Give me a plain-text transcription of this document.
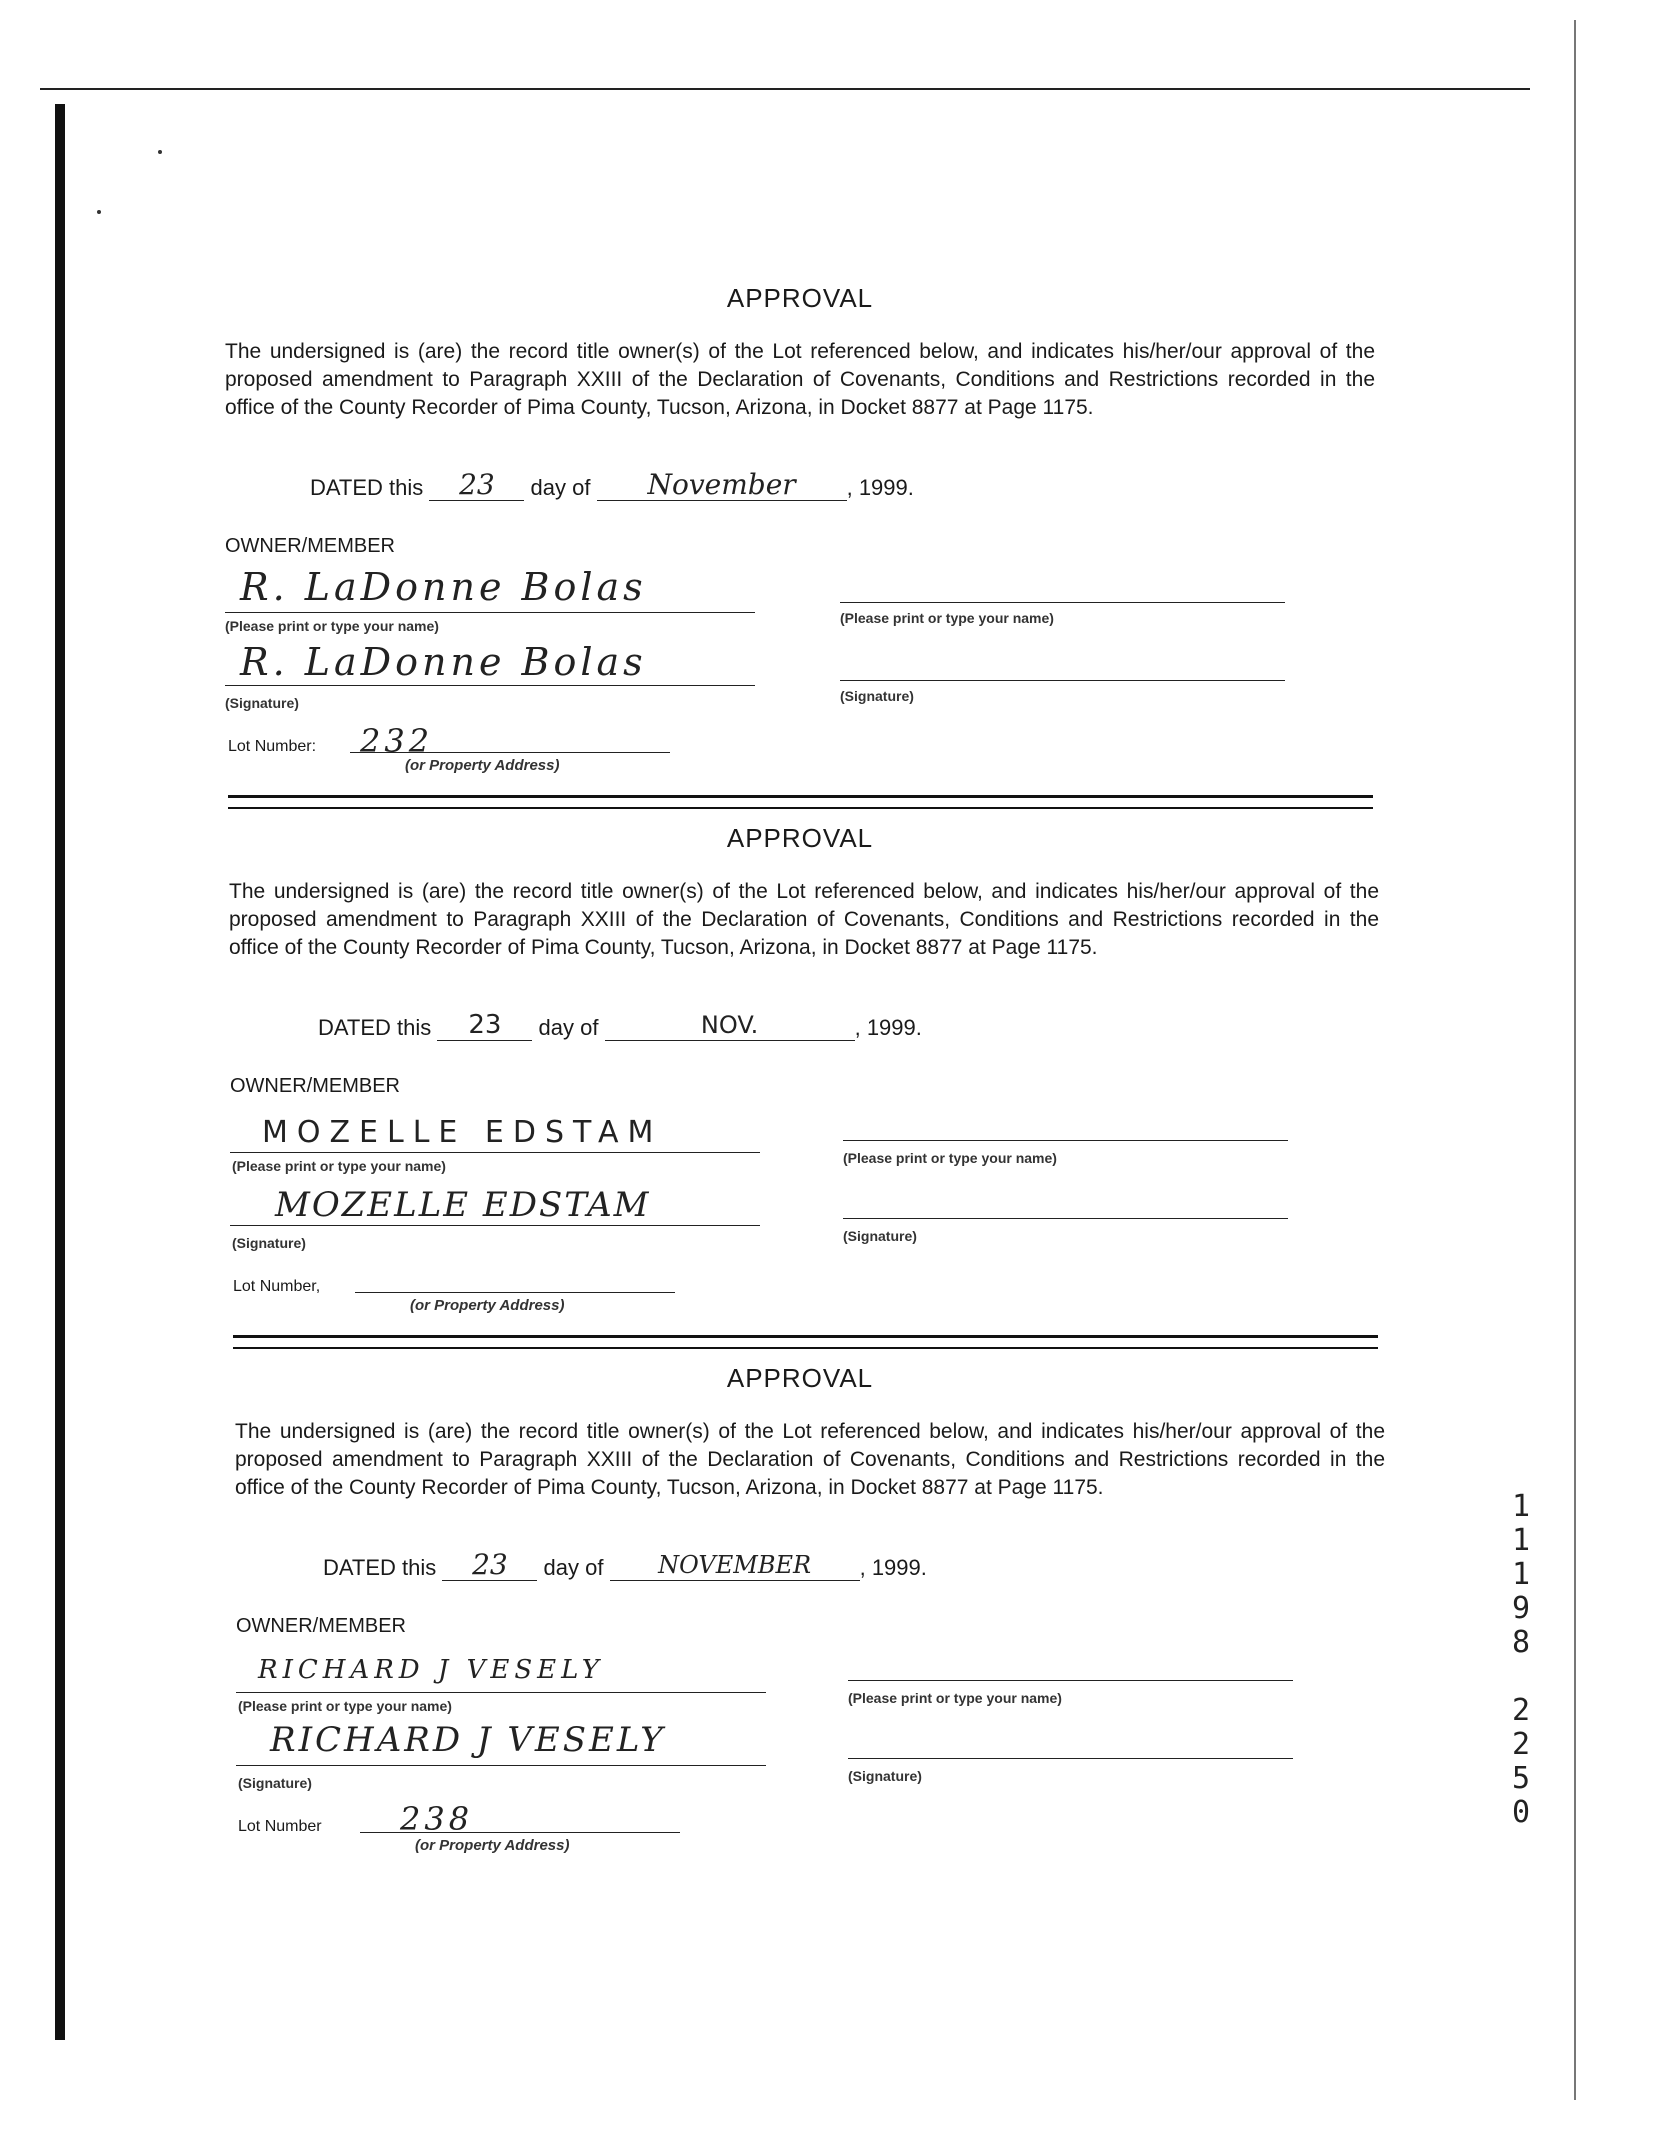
APPROVAL
The undersigned is (are) the record title owner(s) of the Lot referenced below, and indicates his/her/our approval of the proposed amendment to Paragraph XXIII of the Declaration of Covenants, Conditions and Restrictions recorded in the office of the County Recorder of Pima County, Tucson, Arizona, in Docket 8877 at Page 1175.
DATED this 23 day of November , 1999.
OWNER/MEMBER
R. LaDonne Bolas
(Please print or type your name)	(Please print or type your name)
R. LaDonne Bolas
(Signature)	(Signature)
Lot Number: 232
(or Property Address)
APPROVAL
The undersigned is (are) the record title owner(s) of the Lot referenced below, and indicates his/her/our approval of the proposed amendment to Paragraph XXIII of the Declaration of Covenants, Conditions and Restrictions recorded in the office of the County Recorder of Pima County, Tucson, Arizona, in Docket 8877 at Page 1175.
DATED this 23 day of	NOV.	, 1999.
OWNER/MEMBER
MOZELLE EDSTAM
(Please print or type your name)	(Please print or type your name)
MOZELLE EDSTAM
(Signature)	(Signature)
Lot Number,
(or Property Address)
APPROVAL
The undersigned is (are) the record title owner(s) of the Lot referenced below, and indicates his/her/our approval of the proposed amendment to Paragraph XXIII of the Declaration of Covenants, Conditions and Restrictions recorded in the office of the County Recorder of Pima County, Tucson, Arizona, in Docket 8877 at Page 1175.
DATED this 23 day of NOVEMBER , 1999.
OWNER/MEMBER
RICHARD J VESELY
(Please print or type your name)	(Please print or type your name)
RICHARD J VESELY
(Signature)	(Signature)
Lot Number 238
(or Property Address)
1
1
1
9
8
2
2
5
0
